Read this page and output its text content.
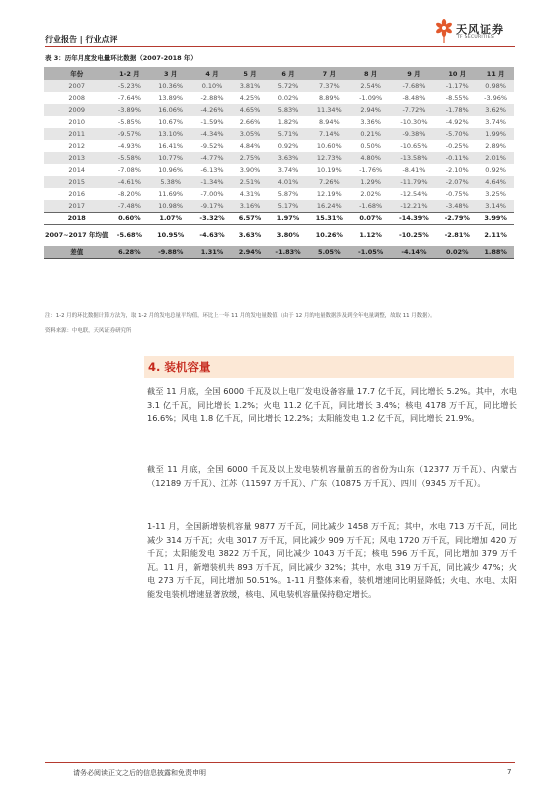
行业报告 | 行业点评
天风证券
TF SECURITIES
表 3：历年月度发电量环比数据（2007-2018 年）
年份	1-2 月	3 月	4 月	5 月	6 月	7 月	8 月	9 月	10 月	11 月
2007	-5.23%	10.36%	0.10%	3.81%	5.72%	7.37%	2.54%	-7.68%	-1.17%	0.98%
2008	-7.64%	13.89%	-2.88%	4.25%	0.02%	8.89%	-1.09%	-8.48%	-8.55%	-3.96%
2009	-3.89%	16.06%	-4.26%	4.65%	5.83%	11.34%	2.94%	-7.72%	-1.78%	3.62%
2010	-5.85%	10.67%	-1.59%	2.66%	1.82%	8.94%	3.36%	-10.30%	-4.92%	3.74%
2011	-9.57%	13.10%	-4.34%	3.05%	5.71%	7.14%	0.21%	-9.38%	-5.70%	1.99%
2012	-4.93%	16.41%	-9.52%	4.84%	0.92%	10.60%	0.50%	-10.65%	-0.25%	2.89%
2013	-5.58%	10.77%	-4.77%	2.75%	3.63%	12.73%	4.80%	-13.58%	-0.11%	2.01%
2014	-7.08%	10.96%	-6.13%	3.90%	3.74%	10.19%	-1.76%	-8.41%	-2.10%	0.92%
2015	-4.61%	5.38%	-1.34%	2.51%	4.01%	7.26%	1.29%	-11.79%	-2.07%	4.64%
2016	-8.20%	11.69%	-7.00%	4.31%	5.87%	12.19%	2.02%	-12.54%	-0.75%	3.25%
2017	-7.48%	10.98%	-9.17%	3.16%	5.17%	16.24%	-1.68%	-12.21%	-3.48%	3.14%
2018	0.60%	1.07%	-3.32%	6.57%	1.97%	15.31%	0.07%	-14.39%	-2.79%	3.99%
2007~2017 年均值	-5.68%	10.95%	-4.63%	3.63%	3.80%	10.26%	1.12%	-10.25%	-2.81%	2.11%
差值	6.28%	-9.88%	1.31%	2.94%	-1.83%	5.05%	-1.05%	-4.14%	0.02%	1.88%
注：1-2 月的环比数据计算方法为，取 1-2 月的发电总量平均值，环比上一年 11 月的发电量数值（由于 12 月的电量数据涉及到全年电量调整，故取 11 月数据）。
资料来源：中电联，天风证券研究所
4. 装机容量

截至 11 月底，全国 6000 千瓦及以上电厂发电设备容量 17.7 亿千瓦，同比增长 5.2%。其中，水电 3.1 亿千瓦，同比增长 1.2%；火电 11.2 亿千瓦，同比增长 3.4%；核电 4178 万千瓦，同比增长 16.6%；风电 1.8 亿千瓦，同比增长 12.2%；太阳能发电 1.2 亿千瓦，同比增长 21.9%。

截至 11 月底，全国 6000 千瓦及以上发电装机容量前五的省份为山东（12377 万千瓦）、内蒙古（12189 万千瓦）、江苏（11597 万千瓦）、广东（10875 万千瓦）、四川（9345 万千瓦）。

1-11 月，全国新增装机容量 9877 万千瓦，同比减少 1458 万千瓦；其中，水电 713 万千瓦，同比减少 314 万千瓦；火电 3017 万千瓦，同比减少 909 万千瓦；风电 1720 万千瓦，同比增加 420 万千瓦；太阳能发电 3822 万千瓦，同比减少 1043 万千瓦；核电 596 万千瓦，同比增加 379 万千瓦。11 月，新增装机共 893 万千瓦，同比减少 32%；其中，水电 319 万千瓦，同比减少 47%；火电 273 万千瓦，同比增加 50.51%。1-11 月整体来看，装机增速同比明显降低；火电、水电、太阳能发电装机增速显著放缓，核电、风电装机容量保持稳定增长。

请务必阅读正文之后的信息披露和免责申明	7
